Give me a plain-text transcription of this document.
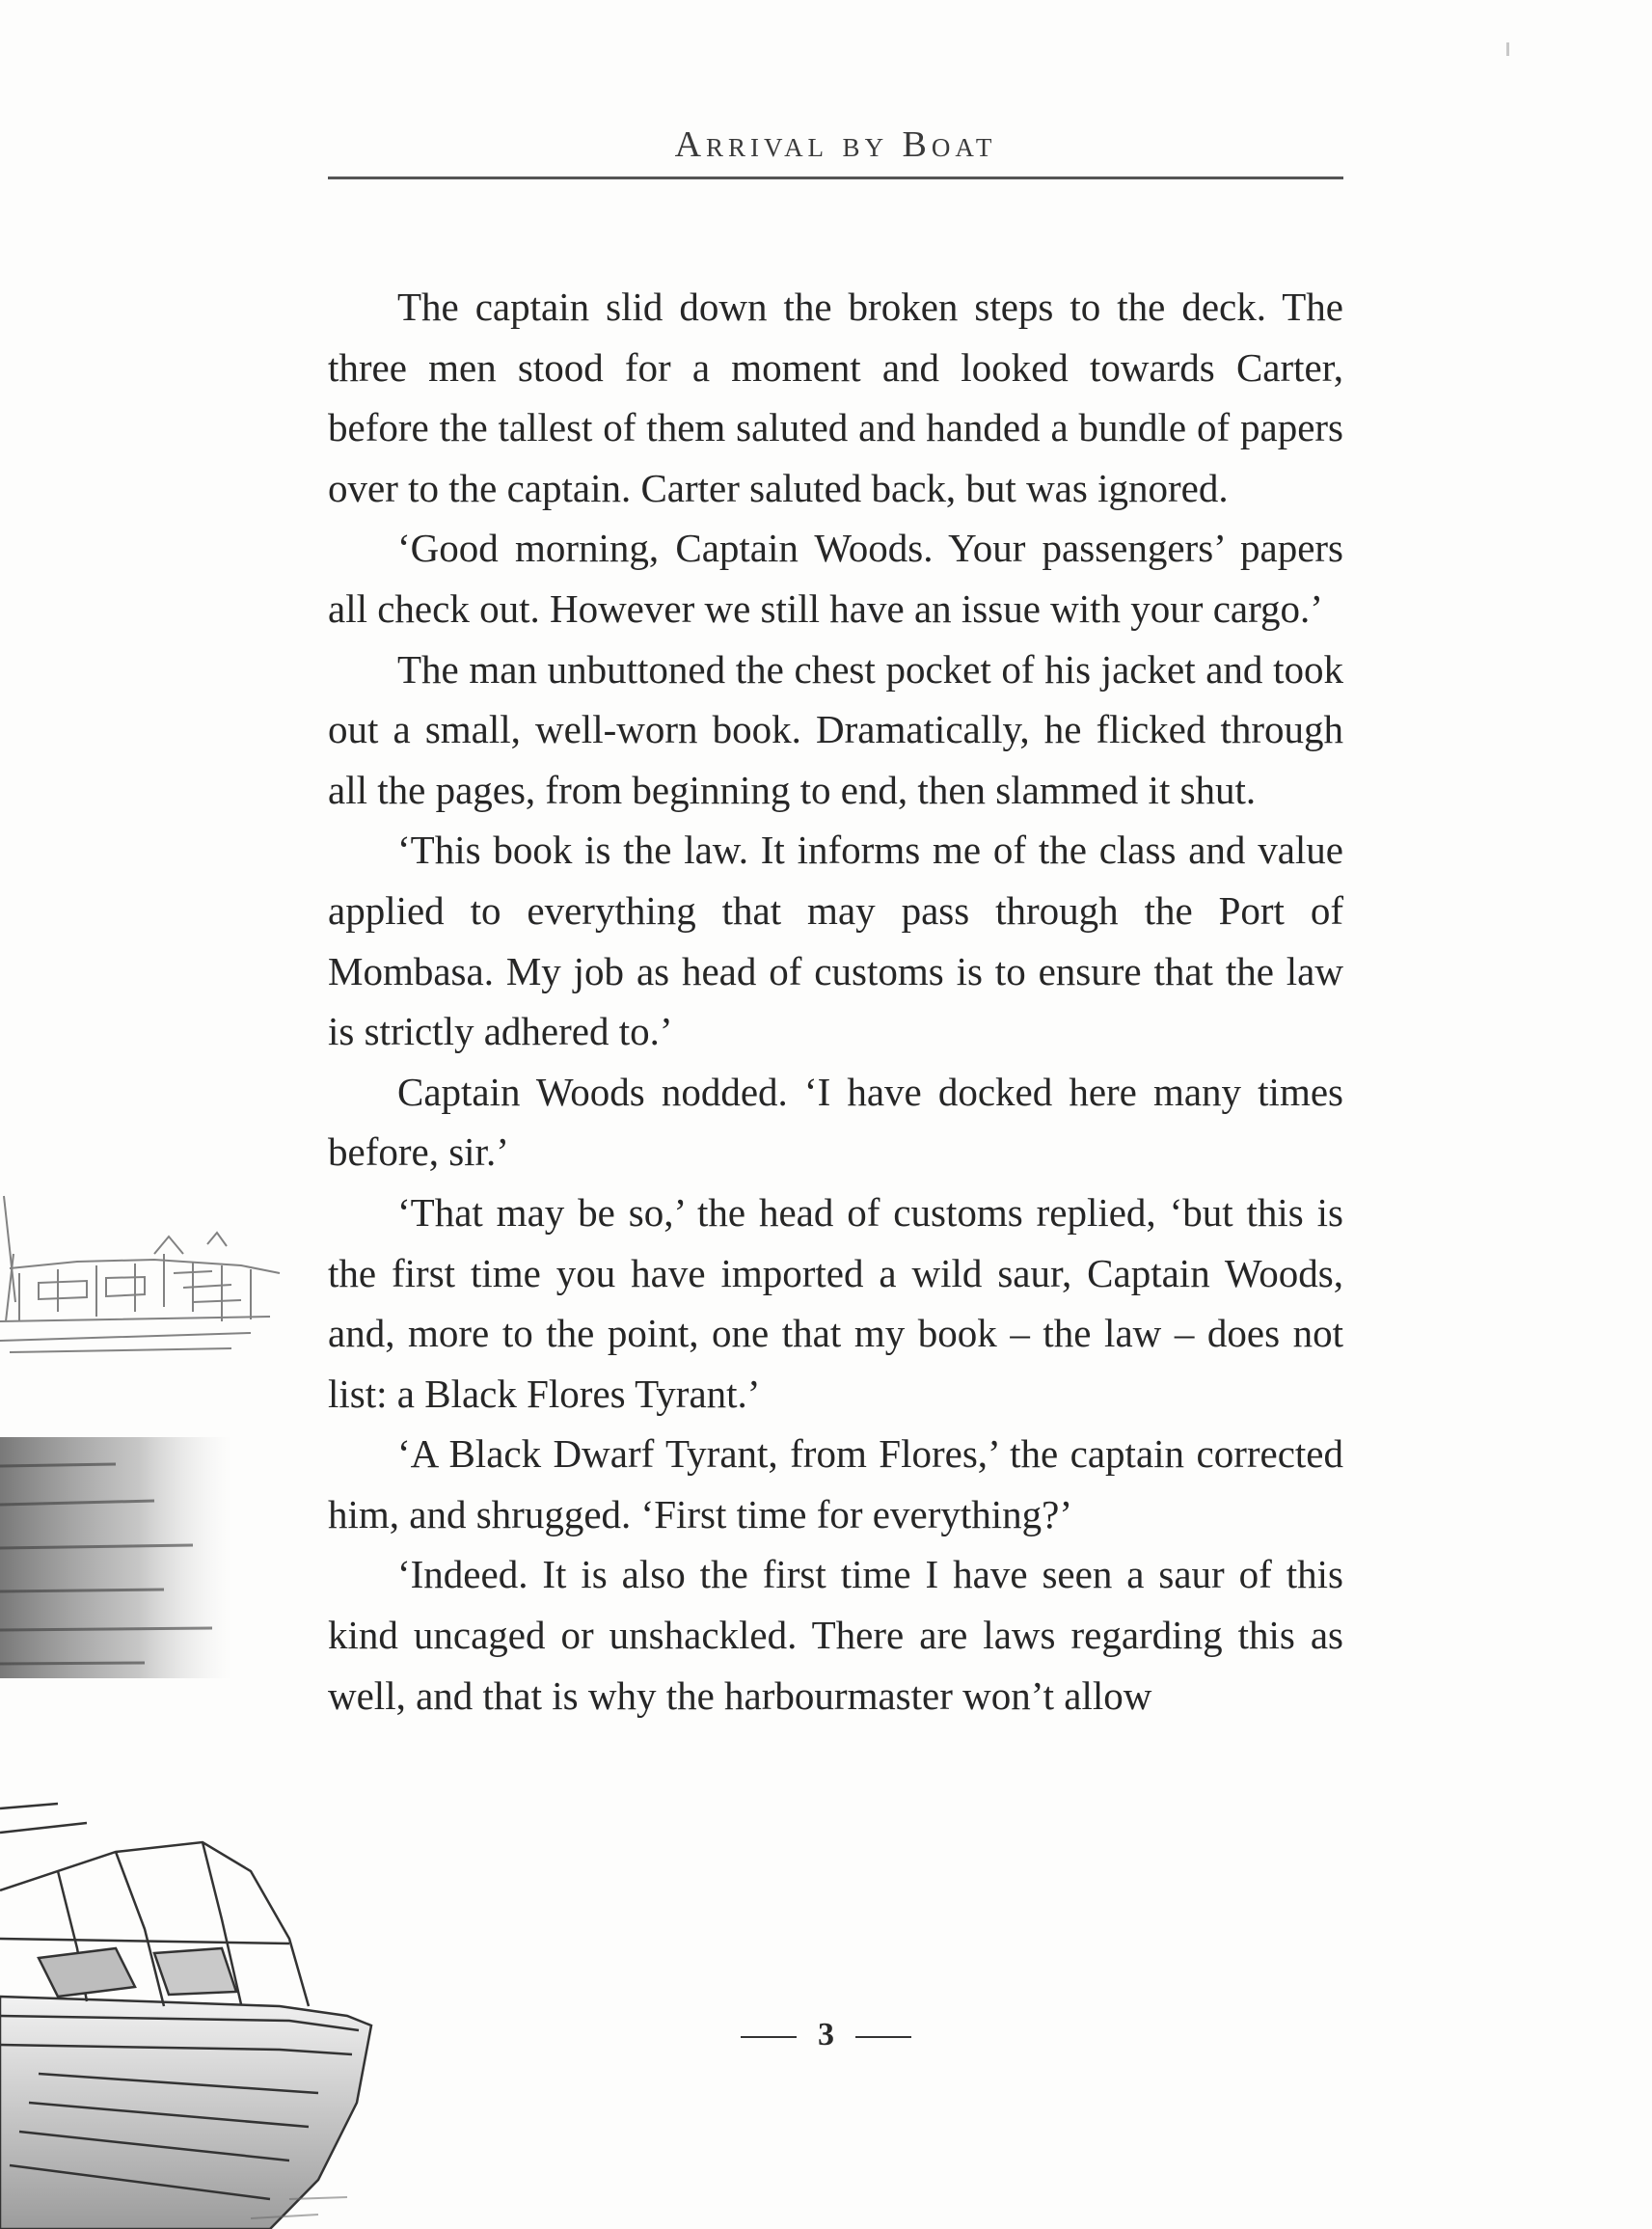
Arrival by Boat

The captain slid down the broken steps to the deck. The three men stood for a moment and looked towards Carter, before the tallest of them saluted and handed a bundle of papers over to the captain. Carter saluted back, but was ignored.

‘Good morning, Captain Woods. Your passengers’ papers all check out. However we still have an issue with your cargo.’

The man unbuttoned the chest pocket of his jacket and took out a small, well-worn book. Dramatically, he flicked through all the pages, from beginning to end, then slammed it shut.

‘This book is the law. It informs me of the class and value applied to everything that may pass through the Port of Mombasa. My job as head of customs is to ensure that the law is strictly adhered to.’

Captain Woods nodded. ‘I have docked here many times before, sir.’

‘That may be so,’ the head of customs replied, ‘but this is the first time you have imported a wild saur, Captain Woods, and, more to the point, one that my book – the law – does not list: a Black Flores Tyrant.’

‘A Black Dwarf Tyrant, from Flores,’ the captain corrected him, and shrugged. ‘First time for everything?’

‘Indeed. It is also the first time I have seen a saur of this kind uncaged or unshackled. There are laws regarding this as well, and that is why the harbourmaster won’t allow

3
